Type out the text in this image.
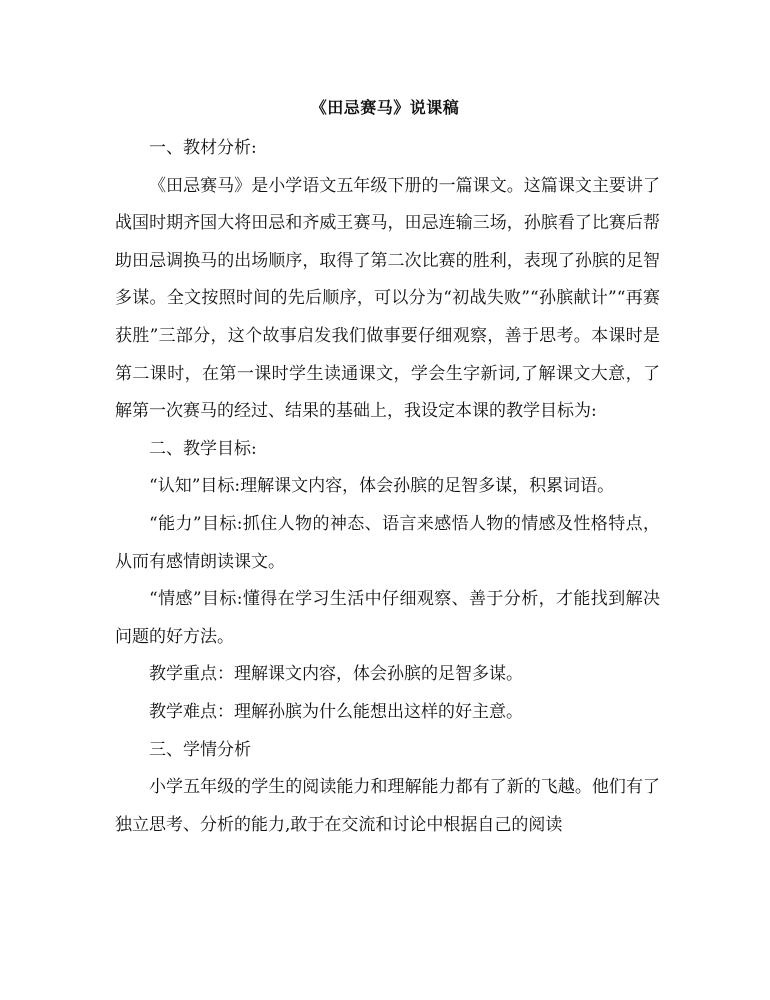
《田忌赛马》说课稿

一、教材分析:

《田忌赛马》是小学语文五年级下册的一篇课文。这篇课文主要讲了战国时期齐国大将田忌和齐威王赛马，田忌连输三场，孙膑看了比赛后帮助田忌调换马的出场顺序，取得了第二次比赛的胜利，表现了孙膑的足智多谋。全文按照时间的先后顺序，可以分为“初战失败”“孙膑献计”“再赛获胜”三部分，这个故事启发我们做事要仔细观察，善于思考。本课时是第二课时，在第一课时学生读通课文，学会生字新词,了解课文大意，了解第一次赛马的经过、结果的基础上，我设定本课的教学目标为:

二、教学目标:

“认知”目标:理解课文内容，体会孙膑的足智多谋，积累词语。

“能力”目标:抓住人物的神态、语言来感悟人物的情感及性格特点，从而有感情朗读课文。

“情感”目标:懂得在学习生活中仔细观察、善于分析，才能找到解决问题的好方法。

教学重点：理解课文内容，体会孙膑的足智多谋。

教学难点：理解孙膑为什么能想出这样的好主意。

三、学情分析

小学五年级的学生的阅读能力和理解能力都有了新的飞越。他们有了独立思考、分析的能力,敢于在交流和讨论中根据自己的阅读
